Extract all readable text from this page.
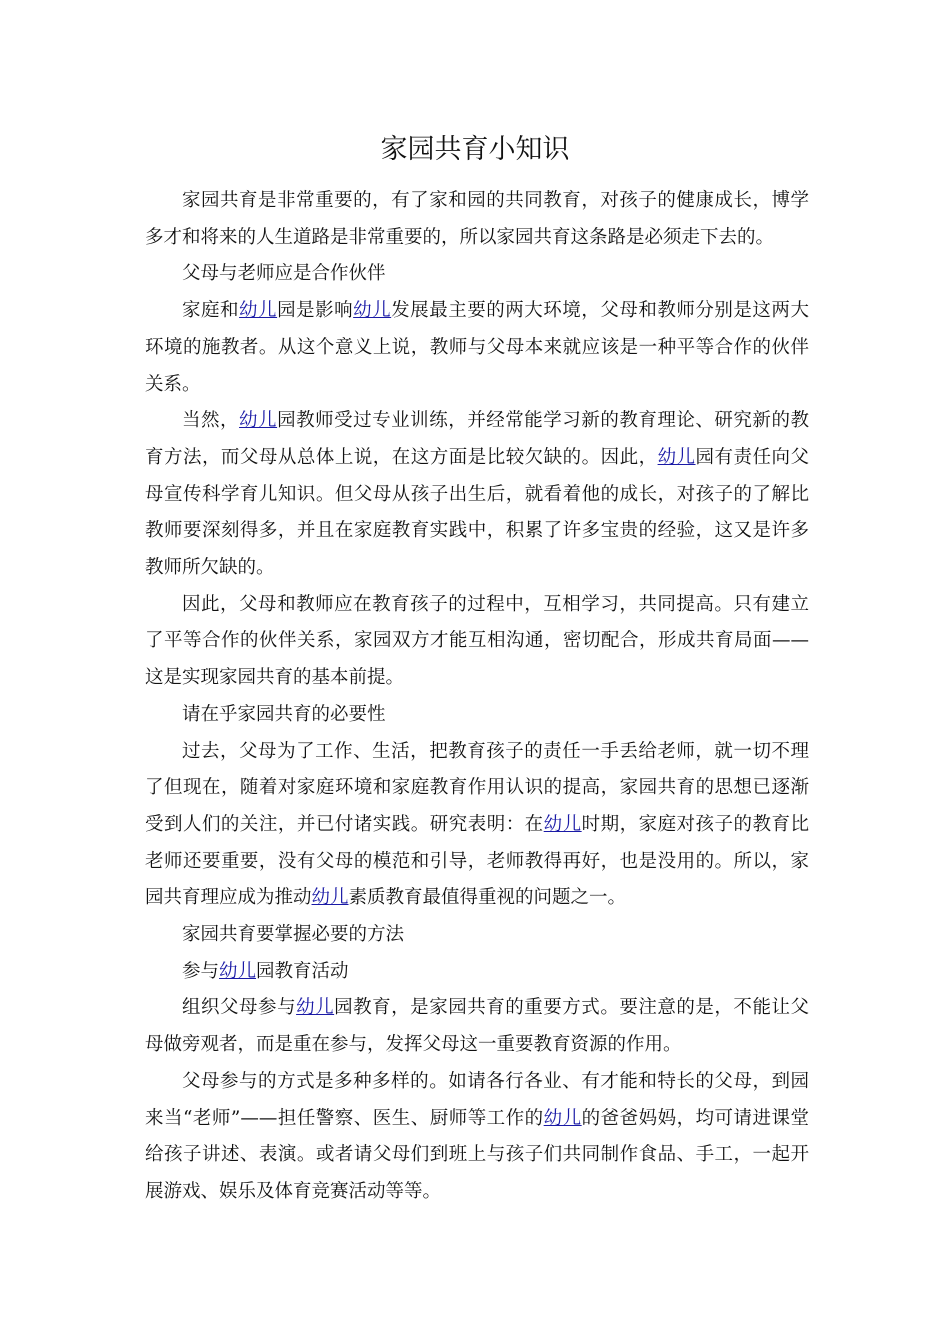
家园共育小知识

家园共育是非常重要的，有了家和园的共同教育，对孩子的健康成长，博学多才和将来的人生道路是非常重要的，所以家园共育这条路是必须走下去的。

父母与老师应是合作伙伴

家庭和幼儿园是影响幼儿发展最主要的两大环境，父母和教师分别是这两大环境的施教者。从这个意义上说，教师与父母本来就应该是一种平等合作的伙伴关系。

当然，幼儿园教师受过专业训练，并经常能学习新的教育理论、研究新的教育方法，而父母从总体上说，在这方面是比较欠缺的。因此，幼儿园有责任向父母宣传科学育儿知识。但父母从孩子出生后，就看着他的成长，对孩子的了解比教师要深刻得多，并且在家庭教育实践中，积累了许多宝贵的经验，这又是许多教师所欠缺的。

因此，父母和教师应在教育孩子的过程中，互相学习，共同提高。只有建立了平等合作的伙伴关系，家园双方才能互相沟通，密切配合，形成共育局面——这是实现家园共育的基本前提。

请在乎家园共育的必要性

过去，父母为了工作、生活，把教育孩子的责任一手丢给老师，就一切不理了但现在，随着对家庭环境和家庭教育作用认识的提高，家园共育的思想已逐渐受到人们的关注，并已付诸实践。研究表明：在幼儿时期，家庭对孩子的教育比老师还要重要，没有父母的模范和引导，老师教得再好，也是没用的。所以，家园共育理应成为推动幼儿素质教育最值得重视的问题之一。

家园共育要掌握必要的方法

参与幼儿园教育活动

组织父母参与幼儿园教育，是家园共育的重要方式。要注意的是，不能让父母做旁观者，而是重在参与，发挥父母这一重要教育资源的作用。

父母参与的方式是多种多样的。如请各行各业、有才能和特长的父母，到园来当“老师”——担任警察、医生、厨师等工作的幼儿的爸爸妈妈，均可请进课堂给孩子讲述、表演。或者请父母们到班上与孩子们共同制作食品、手工，一起开展游戏、娱乐及体育竞赛活动等等。
